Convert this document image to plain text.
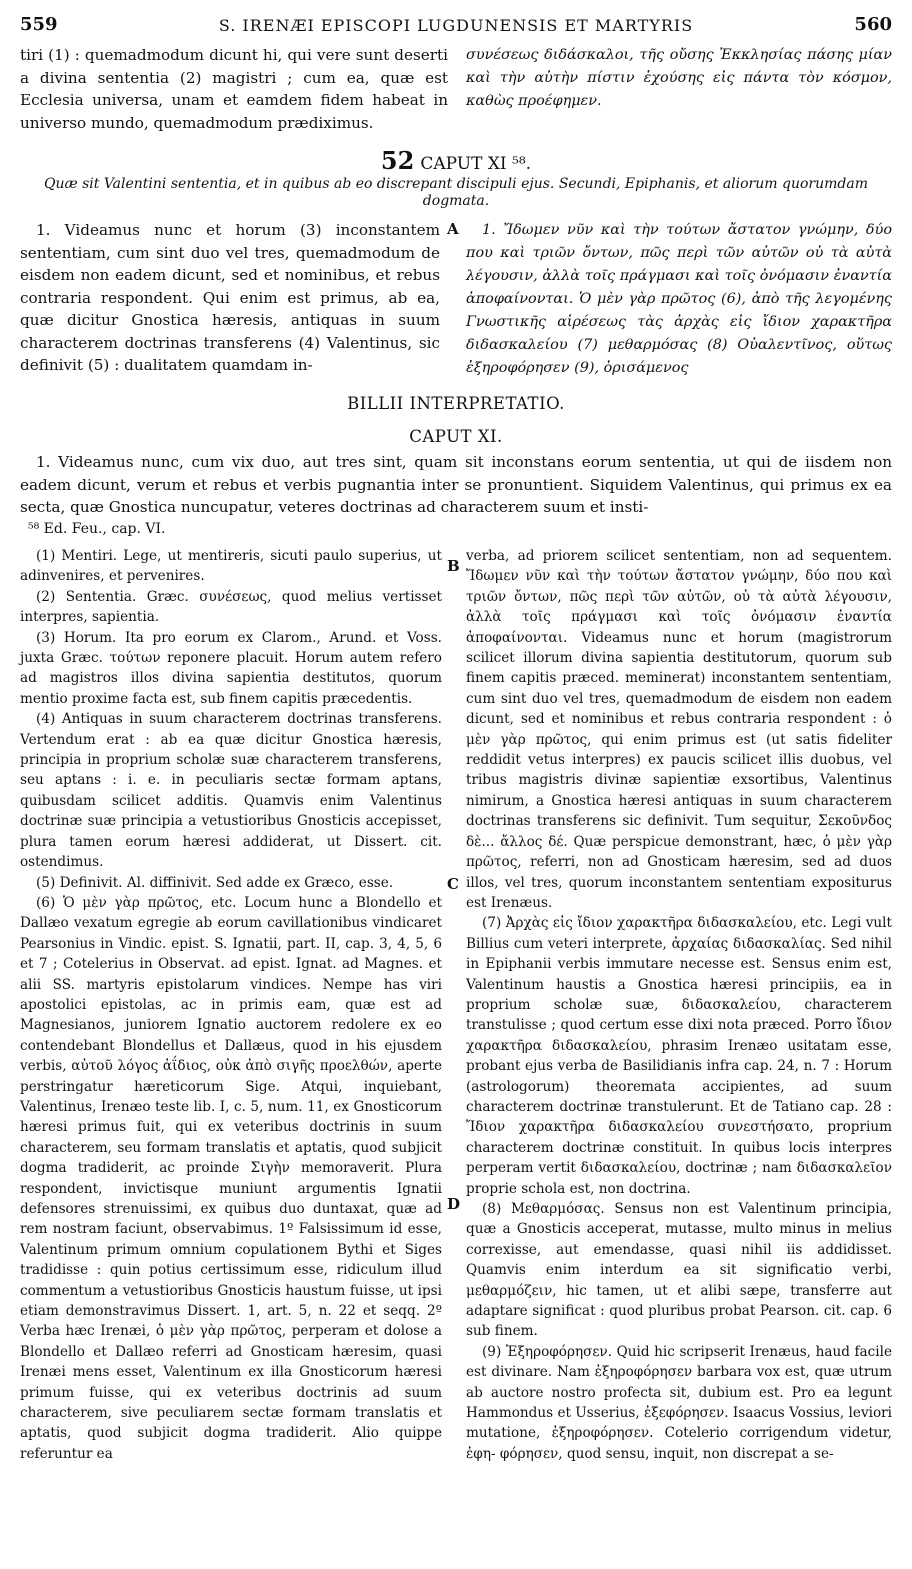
559	S. IRENÆI EPISCOPI LUGDUNENSIS ET MARTYRIS	560

tiri (1) : quemadmodum dicunt hi, qui vere sunt deserti a divina sententia (2) magistri ; cum ea, quæ est Ecclesia universa, unam et eamdem fidem habeat in universo mundo, quemadmodum prædiximus.

συνέσεως διδάσκαλοι, τῆς οὔσης Ἐκκλησίας πάσης μίαν καὶ τὴν αὐτὴν πίστιν ἐχούσης εἰς πάντα τὸν κόσμον, καθὼς προέφημεν.

52 CAPUT XI ⁵⁸.
Quæ sit Valentini sententia, et in quibus ab eo discrepant discipuli ejus. Secundi, Epiphanis, et aliorum quorumdam dogmata.

1. Videamus nunc et horum (3) inconstantem sententiam, cum sint duo vel tres, quemadmodum de eisdem non eadem dicunt, sed et nominibus, et rebus contraria respondent. Qui enim est primus, ab ea, quæ dicitur Gnostica hæresis, antiquas in suum characterem doctrinas transferens (4) Valentinus, sic definivit (5) : dualitatem quamdam in-

A	1. Ἴδωμεν νῦν καὶ τὴν τούτων ἄστατον γνώμην, δύο που καὶ τριῶν ὄντων, πῶς περὶ τῶν αὐτῶν οὐ τὰ αὐτὰ λέγουσιν, ἀλλὰ τοῖς πράγμασι καὶ τοῖς ὀνόμασιν ἐναντία ἀποφαίνονται. Ὁ μὲν γὰρ πρῶτος (6), ἀπὸ τῆς λεγομένης Γνωστικῆς αἱρέσεως τὰς ἀρχὰς εἰς ἴδιον χαρακτῆρα διδασκαλείου (7) μεθαρμόσας (8) Οὐαλεντῖνος, οὕτως ἐξηροφόρησεν (9), ὁρισάμενος

BILLII INTERPRETATIO.
CAPUT XI.

1. Videamus nunc, cum vix duo, aut tres sint, quam sit inconstans eorum sententia, ut qui de iisdem non eadem dicunt, verum et rebus et verbis pugnantia inter se pronuntient. Siquidem Valentinus, qui primus ex ea secta, quæ Gnostica nuncupatur, veteres doctrinas ad characterem suum et insti-

⁵⁸ Ed. Feu., cap. VI.

(1) Mentiri. Lege, ut mentireris, sicuti paulo superius, ut adinvenires, et pervenires.

(2) Sententia. Græc. συνέσεως, quod melius vertisset interpres, sapientia.

(3) Horum. Ita pro eorum ex Clarom., Arund. et Voss. juxta Græc. τούτων reponere placuit. Horum autem refero ad magistros illos divina sapientia destitutos, quorum mentio proxime facta est, sub finem capitis præcedentis.

(4) Antiquas in suum characterem doctrinas transferens. Vertendum erat : ab ea quæ dicitur Gnostica hæresis, principia in proprium scholæ suæ characterem transferens, seu aptans : i. e. in peculiaris sectæ formam aptans, quibusdam scilicet additis. Quamvis enim Valentinus doctrinæ suæ principia a vetustioribus Gnosticis accepisset, plura tamen eorum hæresi addiderat, ut Dissert. cit. ostendimus.

(5) Definivit. Al. diffinivit. Sed adde ex Græco, esse.

(6) Ὁ μὲν γὰρ πρῶτος, etc. Locum hunc a Blondello et Dallæo vexatum egregie ab eorum cavillationibus vindicaret Pearsonius in Vindic. epist. S. Ignatii, part. II, cap. 3, 4, 5, 6 et 7 ; Cotelerius in Observat. ad epist. Ignat. ad Magnes. et alii SS. martyris epistolarum vindices. Nempe has viri apostolici epistolas, ac in primis eam, quæ est ad Magnesianos, juniorem Ignatio auctorem redolere ex eo contendebant Blondellus et Dallæus, quod in his ejusdem verbis, αὐτοῦ λόγος ἀΐδιος, οὐκ ἀπὸ σιγῆς προελθών, aperte perstringatur hæreticorum Sige. Atqui, inquiebant, Valentinus, Irenæo teste lib. I, c. 5, num. 11, ex Gnosticorum hæresi primus fuit, qui ex veteribus doctrinis in suum characterem, seu formam translatis et aptatis, quod subjicit dogma tradiderit, ac proinde Σιγὴν memoraverit. Plura respondent, invictisque muniunt argumentis Ignatii defensores strenuissimi, ex quibus duo duntaxat, quæ ad rem nostram faciunt, observabimus. 1º Falsissimum id esse, Valentinum primum omnium copulationem Bythi et Siges tradidisse : quin potius certissimum esse, ridiculum illud commentum a vetustioribus Gnosticis haustum fuisse, ut ipsi etiam demonstravimus Dissert. 1, art. 5, n. 22 et seqq. 2º Verba hæc Irenæi, ὁ μὲν γὰρ πρῶτος, perperam et dolose a Blondello et Dallæo referri ad Gnosticam hæresim, quasi Irenæi mens esset, Valentinum ex illa Gnosticorum hæresi primum fuisse, qui ex veteribus doctrinis ad suum characterem, sive peculiarem sectæ formam translatis et aptatis, quod subjicit dogma tradiderit. Alio quippe referuntur ea

B
C
D

verba, ad priorem scilicet sententiam, non ad sequentem. Ἴδωμεν νῦν καὶ τὴν τούτων ἄστατον γνώμην, δύο που καὶ τριῶν ὄντων, πῶς περὶ τῶν αὐτῶν, οὐ τὰ αὐτὰ λέγουσιν, ἀλλὰ τοῖς πράγμασι καὶ τοῖς ὀνόμασιν ἐναντία ἀποφαίνονται. Videamus nunc et horum (magistrorum scilicet illorum divina sapientia destitutorum, quorum sub finem capitis præced. meminerat) inconstantem sententiam, cum sint duo vel tres, quemadmodum de eisdem non eadem dicunt, sed et nominibus et rebus contraria respondent : ὁ μὲν γὰρ πρῶτος, qui enim primus est (ut satis fideliter reddidit vetus interpres) ex paucis scilicet illis duobus, vel tribus magistris divinæ sapientiæ exsortibus, Valentinus nimirum, a Gnostica hæresi antiquas in suum characterem doctrinas transferens sic definivit. Tum sequitur, Σεκοῦνδος δὲ... ἄλλος δέ. Quæ perspicue demonstrant, hæc, ὁ μὲν γὰρ πρῶτος, referri, non ad Gnosticam hæresim, sed ad duos illos, vel tres, quorum inconstantem sententiam expositurus est Irenæus.

(7) Ἀρχὰς εἰς ἴδιον χαρακτῆρα διδασκαλείου, etc. Legi vult Billius cum veteri interprete, ἀρχαίας διδασκαλίας. Sed nihil in Epiphanii verbis immutare necesse est. Sensus enim est, Valentinum haustis a Gnostica hæresi principiis, ea in proprium scholæ suæ, διδασκαλείου, characterem transtulisse ; quod certum esse dixi nota præced. Porro ἴδιον χαρακτῆρα διδασκαλείου, phrasim Irenæo usitatam esse, probant ejus verba de Basilidianis infra cap. 24, n. 7 : Horum (astrologorum) theoremata accipientes, ad suum characterem doctrinæ transtulerunt. Et de Tatiano cap. 28 : Ἴδιον χαρακτῆρα διδασκαλείου συνεστήσατο, proprium characterem doctrinæ constituit. In quibus locis interpres perperam vertit διδασκαλείου, doctrinæ ; nam διδασκαλεῖον proprie schola est, non doctrina.

(8) Μεθαρμόσας. Sensus non est Valentinum principia, quæ a Gnosticis acceperat, mutasse, multo minus in melius correxisse, aut emendasse, quasi nihil iis addidisset. Quamvis enim interdum ea sit significatio verbi, μεθαρμόζειν, hic tamen, ut et alibi sæpe, transferre aut adaptare significat : quod pluribus probat Pearson. cit. cap. 6 sub finem.

(9) Ἐξηροφόρησεν. Quid hic scripserit Irenæus, haud facile est divinare. Nam ἐξηροφόρησεν barbara vox est, quæ utrum ab auctore nostro profecta sit, dubium est. Pro ea legunt Hammondus et Usserius, ἐξεφόρησεν. Isaacus Vossius, leviori mutatione, ἐξηροφόρησεν. Cotelerio corrigendum videtur, ἐφη- φόρησεν, quod sensu, inquit, non discrepat a se-
